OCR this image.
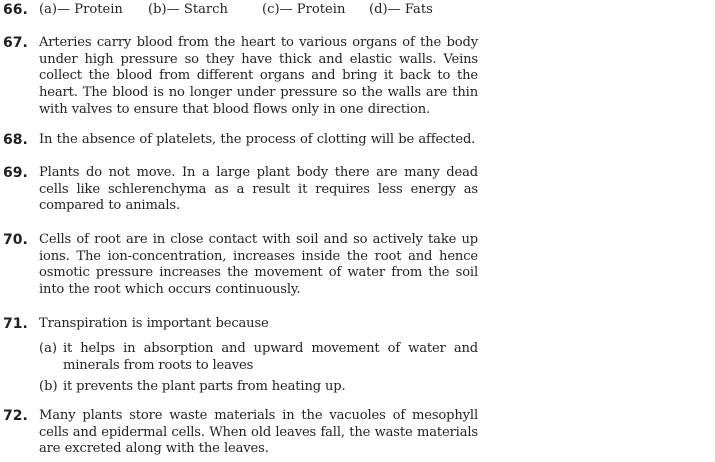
66. (a)— Protein (b)— Starch	(c)— Protein (d)— Fats
67. Arteries carry blood from the heart to various organs of the body
under high pressure so they have thick and elastic walls. Veins
collect the blood from different organs and bring it back to the
heart. The blood is no longer under pressure so the walls are thin
with valves to ensure that blood flows only in one direction.
68. In the absence of platelets, the process of clotting will be affected.
69. Plants do not move. In a large plant body there are many dead
cells like schlerenchyma as a result it requires less energy as
compared to animals.
70. Cells of root are in close contact with soil and so actively take up
ions. The ion-concentration, increases inside the root and hence
osmotic pressure increases the movement of water from the soil
into the root which occurs continuously.
71. Transpiration is important because
(a) it helps in absorption and upward movement of water and
minerals from roots to leaves
(b) it prevents the plant parts from heating up.
72. Many plants store waste materials in the vacuoles of mesophyll
cells and epidermal cells. When old leaves fall, the waste materials
are excreted along with the leaves.
